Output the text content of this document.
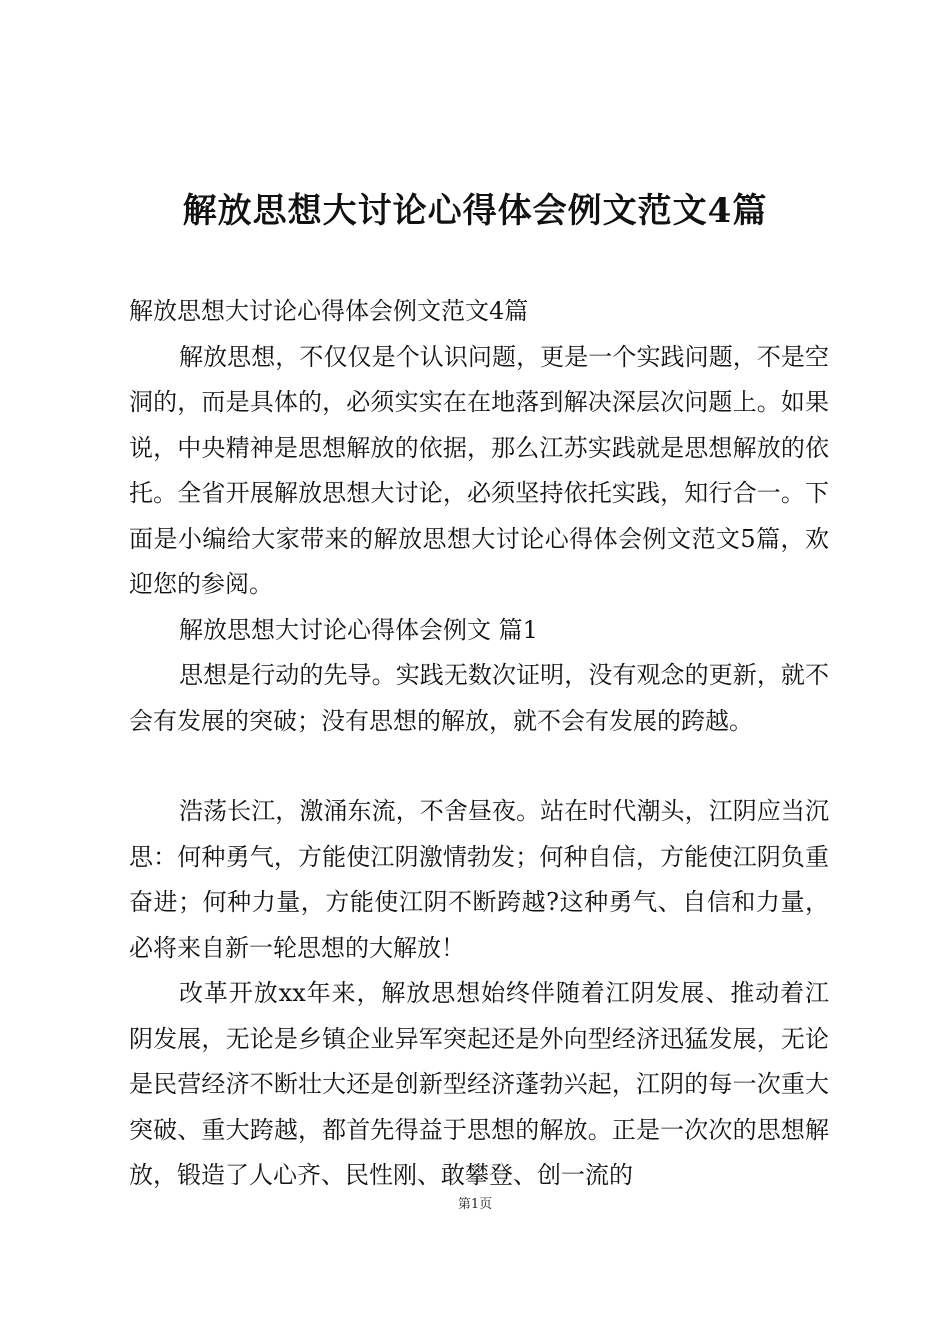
解放思想大讨论心得体会例文范文4篇

解放思想大讨论心得体会例文范文4篇

解放思想，不仅仅是个认识问题，更是一个实践问题，不是空洞的，而是具体的，必须实实在在地落到解决深层次问题上。如果说，中央精神是思想解放的依据，那么江苏实践就是思想解放的依托。全省开展解放思想大讨论，必须坚持依托实践，知行合一。下面是小编给大家带来的解放思想大讨论心得体会例文范文5篇，欢迎您的参阅。

解放思想大讨论心得体会例文 篇1

思想是行动的先导。实践无数次证明，没有观念的更新，就不会有发展的突破；没有思想的解放，就不会有发展的跨越。

浩荡长江，激涌东流，不舍昼夜。站在时代潮头，江阴应当沉思：何种勇气，方能使江阴激情勃发；何种自信，方能使江阴负重奋进；何种力量，方能使江阴不断跨越?这种勇气、自信和力量，必将来自新一轮思想的大解放！

改革开放xx年来，解放思想始终伴随着江阴发展、推动着江阴发展，无论是乡镇企业异军突起还是外向型经济迅猛发展，无论是民营经济不断壮大还是创新型经济蓬勃兴起，江阴的每一次重大突破、重大跨越，都首先得益于思想的解放。正是一次次的思想解放，锻造了人心齐、民性刚、敢攀登、创一流的

第1页
